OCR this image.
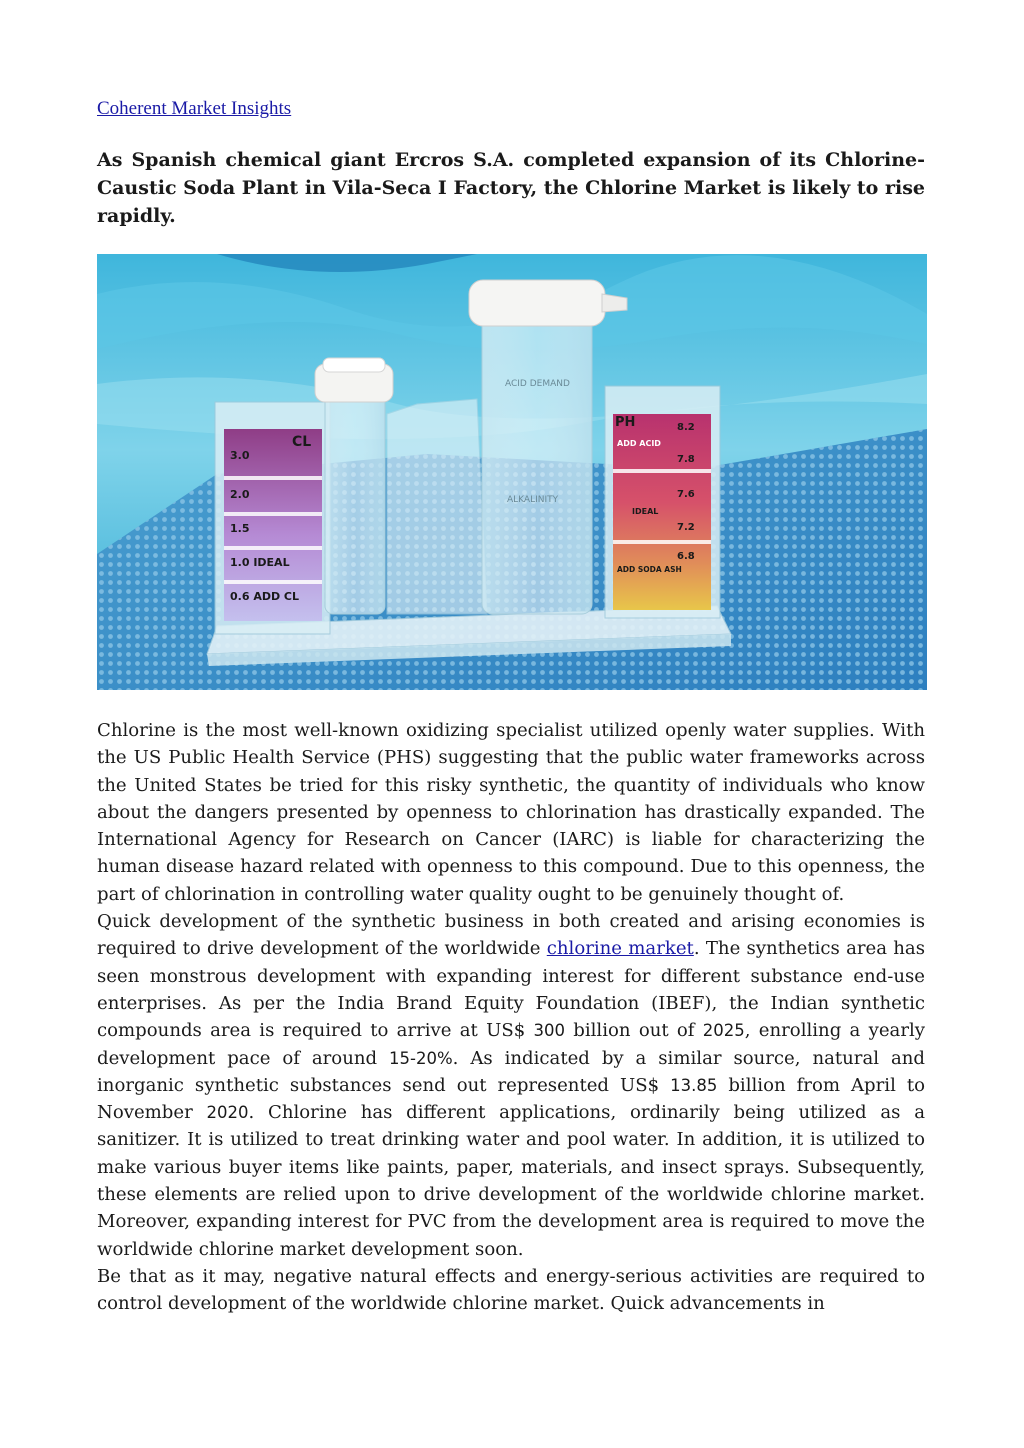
Coherent Market Insights
As Spanish chemical giant Ercros S.A. completed expansion of its Chlorine-Caustic Soda Plant in Vila-Seca I Factory, the Chlorine Market is likely to rise rapidly.
CL
3.0
2.0
1.5
1.0 IDEAL
0.6 ADD CL
ACID DEMAND
ALKALINITY
PH	8.2
ADD ACID
7.8
7.6
IDEAL
7.2
6.8
ADD SODA ASH

Chlorine is the most well-known oxidizing specialist utilized openly water supplies. With the US Public Health Service (PHS) suggesting that the public water frameworks across the United States be tried for this risky synthetic, the quantity of individuals who know about the dangers presented by openness to chlorination has drastically expanded. The International Agency for Research on Cancer (IARC) is liable for characterizing the human disease hazard related with openness to this compound. Due to this openness, the part of chlorination in controlling water quality ought to be genuinely thought of.

Quick development of the synthetic business in both created and arising economies is required to drive development of the worldwide chlorine market. The synthetics area has seen monstrous development with expanding interest for different substance end-use enterprises. As per the India Brand Equity Foundation (IBEF), the Indian synthetic compounds area is required to arrive at US$ 300 billion out of 2025, enrolling a yearly development pace of around 15-20%. As indicated by a similar source, natural and inorganic synthetic substances send out represented US$ 13.85 billion from April to November 2020. Chlorine has different applications, ordinarily being utilized as a sanitizer. It is utilized to treat drinking water and pool water. In addition, it is utilized to make various buyer items like paints, paper, materials, and insect sprays. Subsequently, these elements are relied upon to drive development of the worldwide chlorine market. Moreover, expanding interest for PVC from the development area is required to move the worldwide chlorine market development soon.

Be that as it may, negative natural effects and energy-serious activities are required to control development of the worldwide chlorine market. Quick advancements in
